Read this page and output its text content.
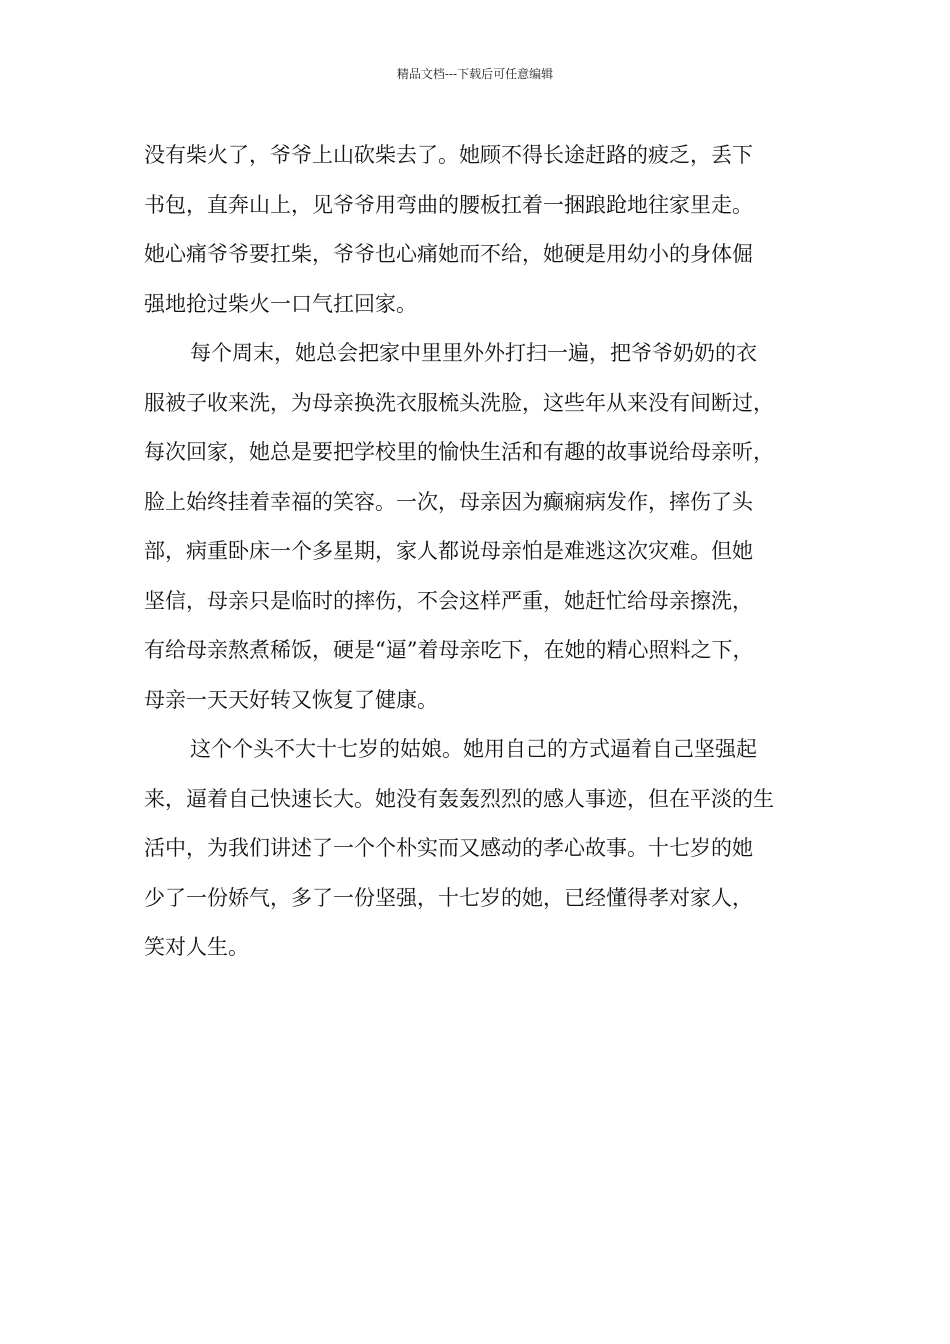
精品文档---下载后可任意编辑
没有柴火了，爷爷上山砍柴去了。她顾不得长途赶路的疲乏，丢下
书包，直奔山上，见爷爷用弯曲的腰板扛着一捆踉跄地往家里走。
她心痛爷爷要扛柴，爷爷也心痛她而不给，她硬是用幼小的身体倔
强地抢过柴火一口气扛回家。
每个周末，她总会把家中里里外外打扫一遍，把爷爷奶奶的衣
服被子收来洗，为母亲换洗衣服梳头洗脸，这些年从来没有间断过，
每次回家，她总是要把学校里的愉快生活和有趣的故事说给母亲听，
脸上始终挂着幸福的笑容。一次，母亲因为癫痫病发作，摔伤了头
部，病重卧床一个多星期，家人都说母亲怕是难逃这次灾难。但她
坚信，母亲只是临时的摔伤，不会这样严重，她赶忙给母亲擦洗，
有给母亲熬煮稀饭，硬是“逼”着母亲吃下，在她的精心照料之下，
母亲一天天好转又恢复了健康。
这个个头不大十七岁的姑娘。她用自己的方式逼着自己坚强起
来，逼着自己快速长大。她没有轰轰烈烈的感人事迹，但在平淡的生
活中，为我们讲述了一个个朴实而又感动的孝心故事。十七岁的她
少了一份娇气，多了一份坚强，十七岁的她，已经懂得孝对家人，
笑对人生。
